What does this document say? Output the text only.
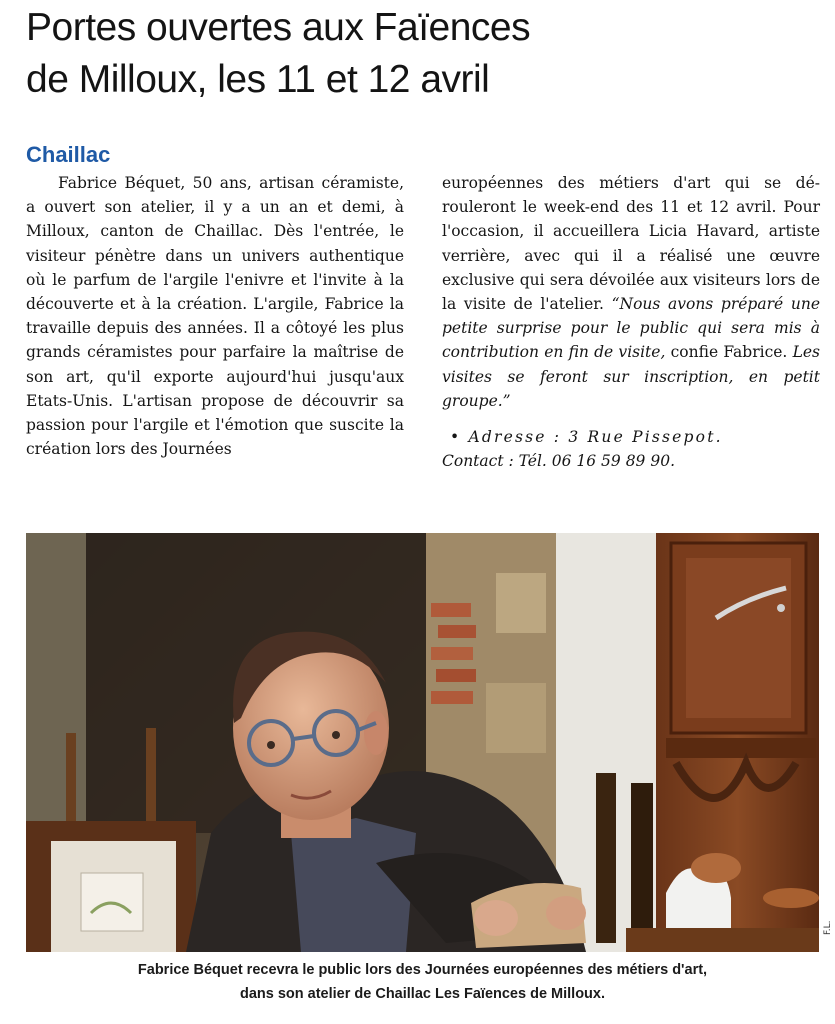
Portes ouvertes aux Faïences
de Milloux, les 11 et 12 avril
Chaillac

Fabrice Béquet, 50 ans, artisan céramiste, a ouvert son atelier, il y a un an et demi, à Milloux, canton de Chaillac. Dès l'entrée, le visiteur pénètre dans un univers authentique où le parfum de l'argile l'enivre et l'invite à la découverte et à la création. L'argile, Fabrice la travaille depuis des années. Il a côtoyé les plus grands céramistes pour parfaire la maîtrise de son art, qu'il exporte aujourd'hui jusqu'aux Etats-Unis. L'artisan propose de découvrir sa passion pour l'argile et l'émotion que suscite la création lors des Journées

européennes des métiers d'art qui se dérouleront le week-end des 11 et 12 avril. Pour l'occasion, il accueillera Licia Havard, artiste verrière, avec qui il a réalisé une œuvre exclusive qui sera dévoilée aux visiteurs lors de la visite de l'atelier. “Nous avons préparé une petite surprise pour le public qui sera mis à contribution en fin de visite, confie Fabrice. Les visites se feront sur inscription, en petit groupe.”

• Adresse : 3 Rue Pissepot.
Contact : Tél. 06 16 59 89 90.

F.L.

Fabrice Béquet recevra le public lors des Journées européennes des métiers d'art,
dans son atelier de Chaillac Les Faïences de Milloux.
